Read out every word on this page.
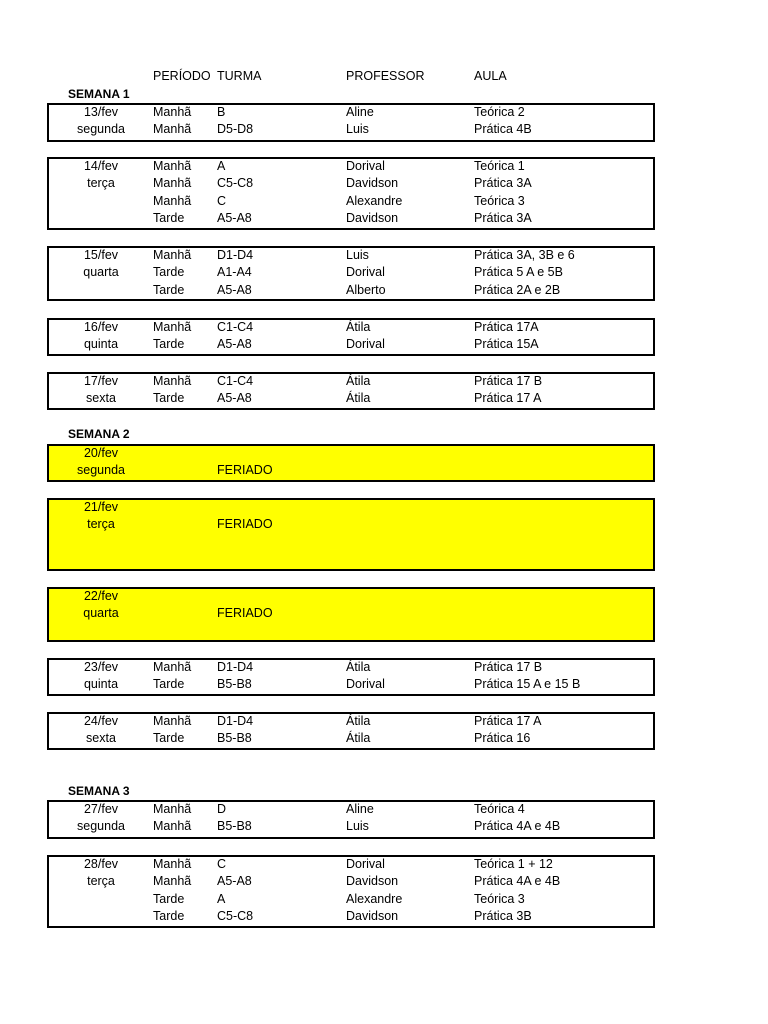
PERÍODO TURMA	PROFESSOR	AULA
SEMANA 1
SEMANA 2
SEMANA 3
13/fev	Manhã B	Aline	Teórica 2
segunda	Manhã D5-D8	Luis	Prática 4B
14/fev	Manhã A	Dorival	Teórica 1
terça	Manhã C5-C8	Davidson	Prática 3A
Manhã C	Alexandre	Teórica 3
Tarde	A5-A8	Davidson	Prática 3A
15/fev	Manhã D1-D4	Luis	Prática 3A, 3B e 6
quarta	Tarde	A1-A4	Dorival	Prática 5 A e 5B
Tarde	A5-A8	Alberto	Prática 2A e 2B
16/fev	Manhã C1-C4	Átila	Prática 17A
quinta	Tarde	A5-A8	Dorival	Prática 15A
17/fev	Manhã C1-C4	Átila	Prática 17 B
sexta	Tarde	A5-A8	Átila	Prática 17 A
20/fev
segunda	FERIADO
21/fev
terça	FERIADO
22/fev
quarta	FERIADO
23/fev	Manhã D1-D4	Átila	Prática 17 B
quinta	Tarde	B5-B8	Dorival	Prática 15 A e 15 B
24/fev	Manhã D1-D4	Átila	Prática 17 A
sexta	Tarde	B5-B8	Átila	Prática 16
27/fev	Manhã D	Aline	Teórica 4
segunda	Manhã B5-B8	Luis	Prática 4A e 4B
28/fev	Manhã C	Dorival	Teórica 1 + 12
terça	Manhã A5-A8	Davidson	Prática 4A e 4B
Tarde	A	Alexandre	Teórica 3
Tarde	C5-C8	Davidson	Prática 3B
